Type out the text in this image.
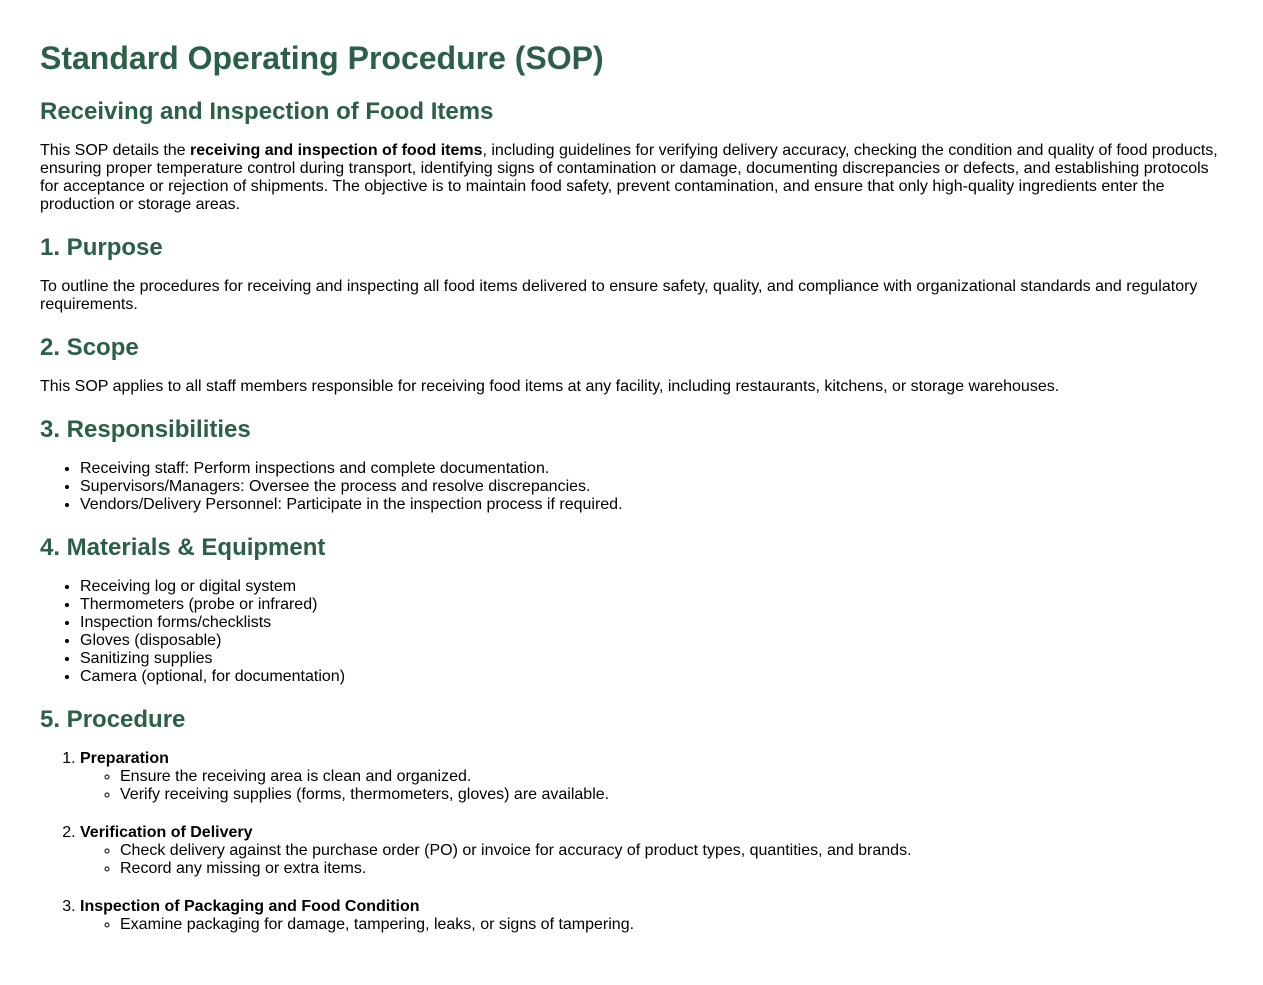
Standard Operating Procedure (SOP)
Receiving and Inspection of Food Items

This SOP details the receiving and inspection of food items, including guidelines for verifying delivery accuracy, checking the condition and quality of food products, ensuring proper temperature control during transport, identifying signs of contamination or damage, documenting discrepancies or defects, and establishing protocols for acceptance or rejection of shipments. The objective is to maintain food safety, prevent contamination, and ensure that only high-quality ingredients enter the production or storage areas.

1. Purpose

To outline the procedures for receiving and inspecting all food items delivered to ensure safety, quality, and compliance with organizational standards and regulatory requirements.

2. Scope

This SOP applies to all staff members responsible for receiving food items at any facility, including restaurants, kitchens, or storage warehouses.

3. Responsibilities
• Receiving staff: Perform inspections and complete documentation.
• Supervisors/Managers: Oversee the process and resolve discrepancies.
• Vendors/Delivery Personnel: Participate in the inspection process if required.
4. Materials & Equipment
• Receiving log or digital system
• Thermometers (probe or infrared)
• Inspection forms/checklists
• Gloves (disposable)
• Sanitizing supplies
• Camera (optional, for documentation)
5. Procedure
1. Preparation
◦ Ensure the receiving area is clean and organized.
◦ Verify receiving supplies (forms, thermometers, gloves) are available.
2. Verification of Delivery
◦ Check delivery against the purchase order (PO) or invoice for accuracy of product types, quantities, and brands.
◦ Record any missing or extra items.
3. Inspection of Packaging and Food Condition
◦ Examine packaging for damage, tampering, leaks, or signs of tampering.
